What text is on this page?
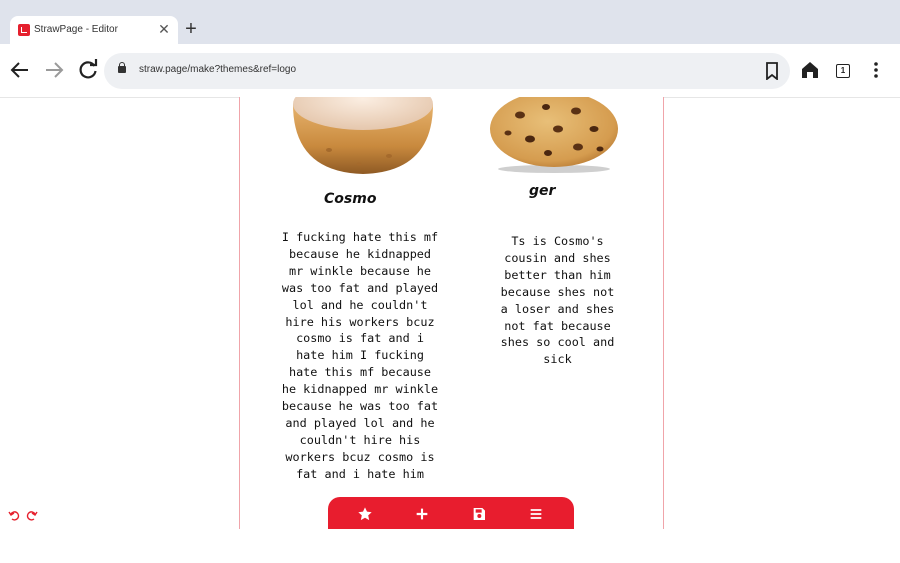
StrawPage - Editor	✕ +
straw.page/make?themes&ref=logo	1
Cosmo	ger
I fucking hate this mf because he kidnapped mr winkle because he was too fat and played lol and he couldn't hire his workers bcuz cosmo is fat and i hate him I fucking hate this mf because he kidnapped mr winkle because he was too fat and played lol and he couldn't hire his workers bcuz cosmo is fat and i hate him
Ts is Cosmo's cousin and shes better than him because shes not a loser and shes not fat because shes so cool and sick
